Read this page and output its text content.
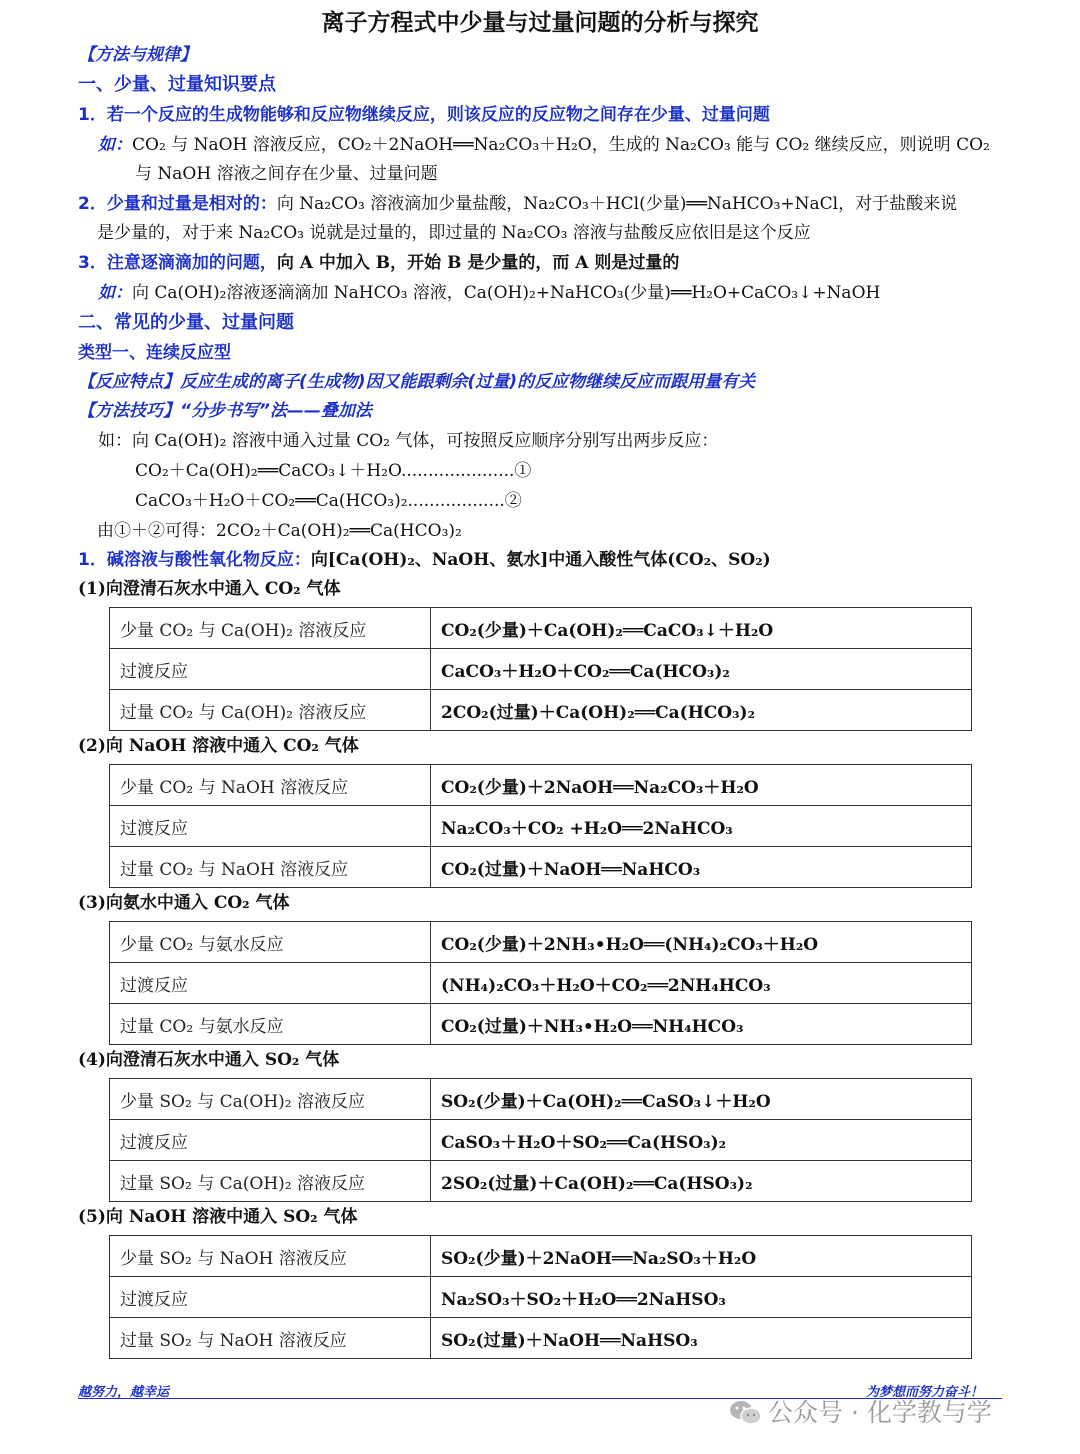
离子方程式中少量与过量问题的分析与探究
【方法与规律】
一、少量、过量知识要点
1．若一个反应的生成物能够和反应物继续反应，则该反应的反应物之间存在少量、过量问题
如：CO₂ 与 NaOH 溶液反应，CO₂＋2NaOH══Na₂CO₃＋H₂O，生成的 Na₂CO₃ 能与 CO₂ 继续反应，则说明 CO₂
与 NaOH 溶液之间存在少量、过量问题
2．少量和过量是相对的：向 Na₂CO₃ 溶液滴加少量盐酸，Na₂CO₃＋HCl(少量)══NaHCO₃+NaCl，对于盐酸来说
是少量的，对于来 Na₂CO₃ 说就是过量的，即过量的 Na₂CO₃ 溶液与盐酸反应依旧是这个反应
3．注意逐滴滴加的问题，向 A 中加入 B，开始 B 是少量的，而 A 则是过量的
如：向 Ca(OH)₂溶液逐滴滴加 NaHCO₃ 溶液，Ca(OH)₂+NaHCO₃(少量)══H₂O+CaCO₃↓+NaOH
二、常见的少量、过量问题
类型一、连续反应型
【反应特点】反应生成的离子(生成物)因又能跟剩余(过量)的反应物继续反应而跟用量有关
【方法技巧】“分步书写”法——叠加法
如：向 Ca(OH)₂ 溶液中通入过量 CO₂ 气体，可按照反应顺序分别写出两步反应：
CO₂＋Ca(OH)₂══CaCO₃↓＋H₂O.....................①
CaCO₃＋H₂O＋CO₂══Ca(HCO₃)₂..................②
由①＋②可得：2CO₂＋Ca(OH)₂══Ca(HCO₃)₂
1．碱溶液与酸性氧化物反应：向[Ca(OH)₂、NaOH、氨水]中通入酸性气体(CO₂、SO₂)
(1)向澄清石灰水中通入 CO₂ 气体
少量 CO₂ 与 Ca(OH)₂ 溶液反应	CO₂(少量)＋Ca(OH)₂══CaCO₃↓＋H₂O
过渡反应	CaCO₃＋H₂O＋CO₂══Ca(HCO₃)₂
过量 CO₂ 与 Ca(OH)₂ 溶液反应	2CO₂(过量)＋Ca(OH)₂══Ca(HCO₃)₂
(2)向 NaOH 溶液中通入 CO₂ 气体
少量 CO₂ 与 NaOH 溶液反应	CO₂(少量)＋2NaOH══Na₂CO₃＋H₂O
过渡反应	Na₂CO₃＋CO₂ +H₂O══2NaHCO₃
过量 CO₂ 与 NaOH 溶液反应	CO₂(过量)＋NaOH══NaHCO₃
(3)向氨水中通入 CO₂ 气体
少量 CO₂ 与氨水反应	CO₂(少量)＋2NH₃•H₂O══(NH₄)₂CO₃＋H₂O
过渡反应	(NH₄)₂CO₃＋H₂O＋CO₂══2NH₄HCO₃
过量 CO₂ 与氨水反应	CO₂(过量)＋NH₃•H₂O══NH₄HCO₃
(4)向澄清石灰水中通入 SO₂ 气体
少量 SO₂ 与 Ca(OH)₂ 溶液反应	SO₂(少量)＋Ca(OH)₂══CaSO₃↓＋H₂O
过渡反应	CaSO₃＋H₂O＋SO₂══Ca(HSO₃)₂
过量 SO₂ 与 Ca(OH)₂ 溶液反应	2SO₂(过量)＋Ca(OH)₂══Ca(HSO₃)₂
(5)向 NaOH 溶液中通入 SO₂ 气体
少量 SO₂ 与 NaOH 溶液反应	SO₂(少量)＋2NaOH══Na₂SO₃＋H₂O
过渡反应	Na₂SO₃＋SO₂＋H₂O══2NaHSO₃
过量 SO₂ 与 NaOH 溶液反应	SO₂(过量)＋NaOH══NaHSO₃
越努力，越幸运	为梦想而努力奋斗！
公众号 · 化学教与学
